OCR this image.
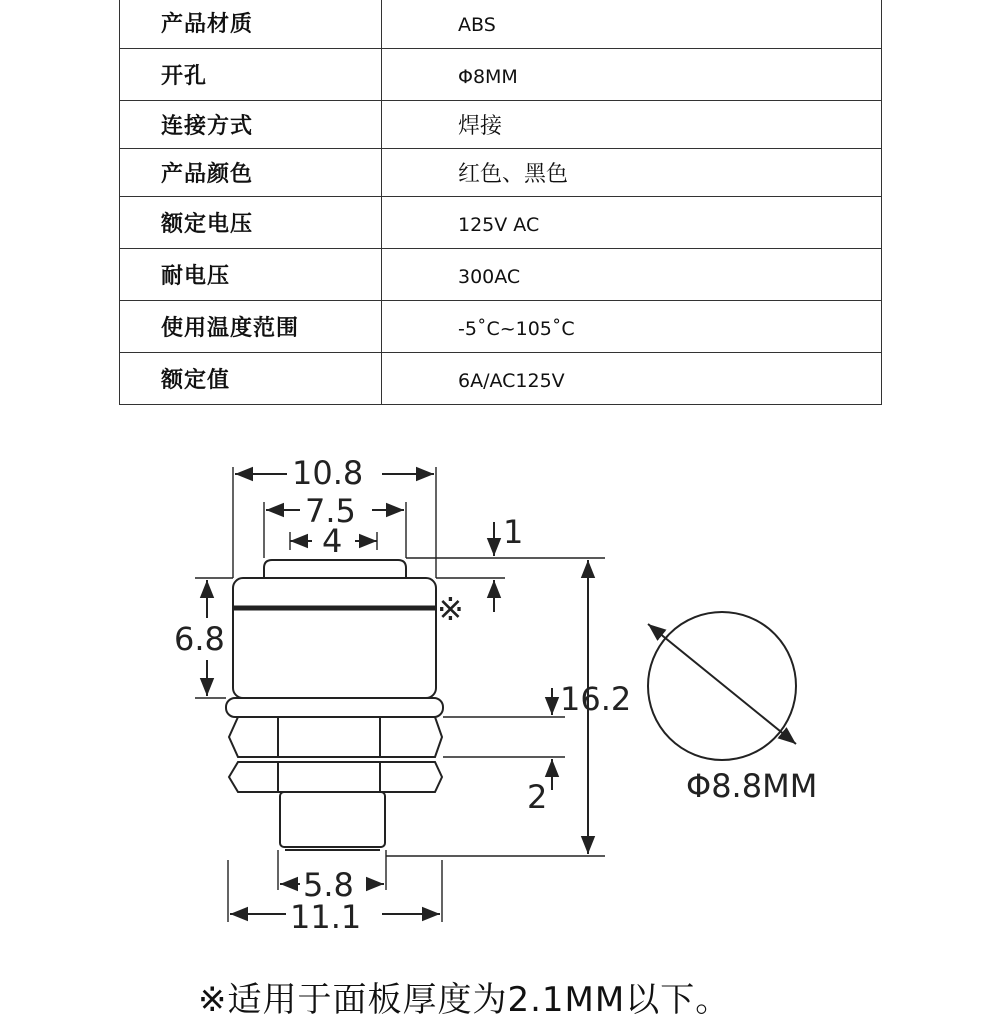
产品材质	ABS
开孔	Φ8MM
连接方式	焊接
产品颜色	红色、黑色
额定电压	125V AC
耐电压	300AC
使用温度范围	-5˚C~105˚C
额定值	6A/AC125V
10.8
7.5
4	1
※
6.8
16.2
2
5.8
11.1
Φ8.8MM
※适用于面板厚度为2.1MM以下。
